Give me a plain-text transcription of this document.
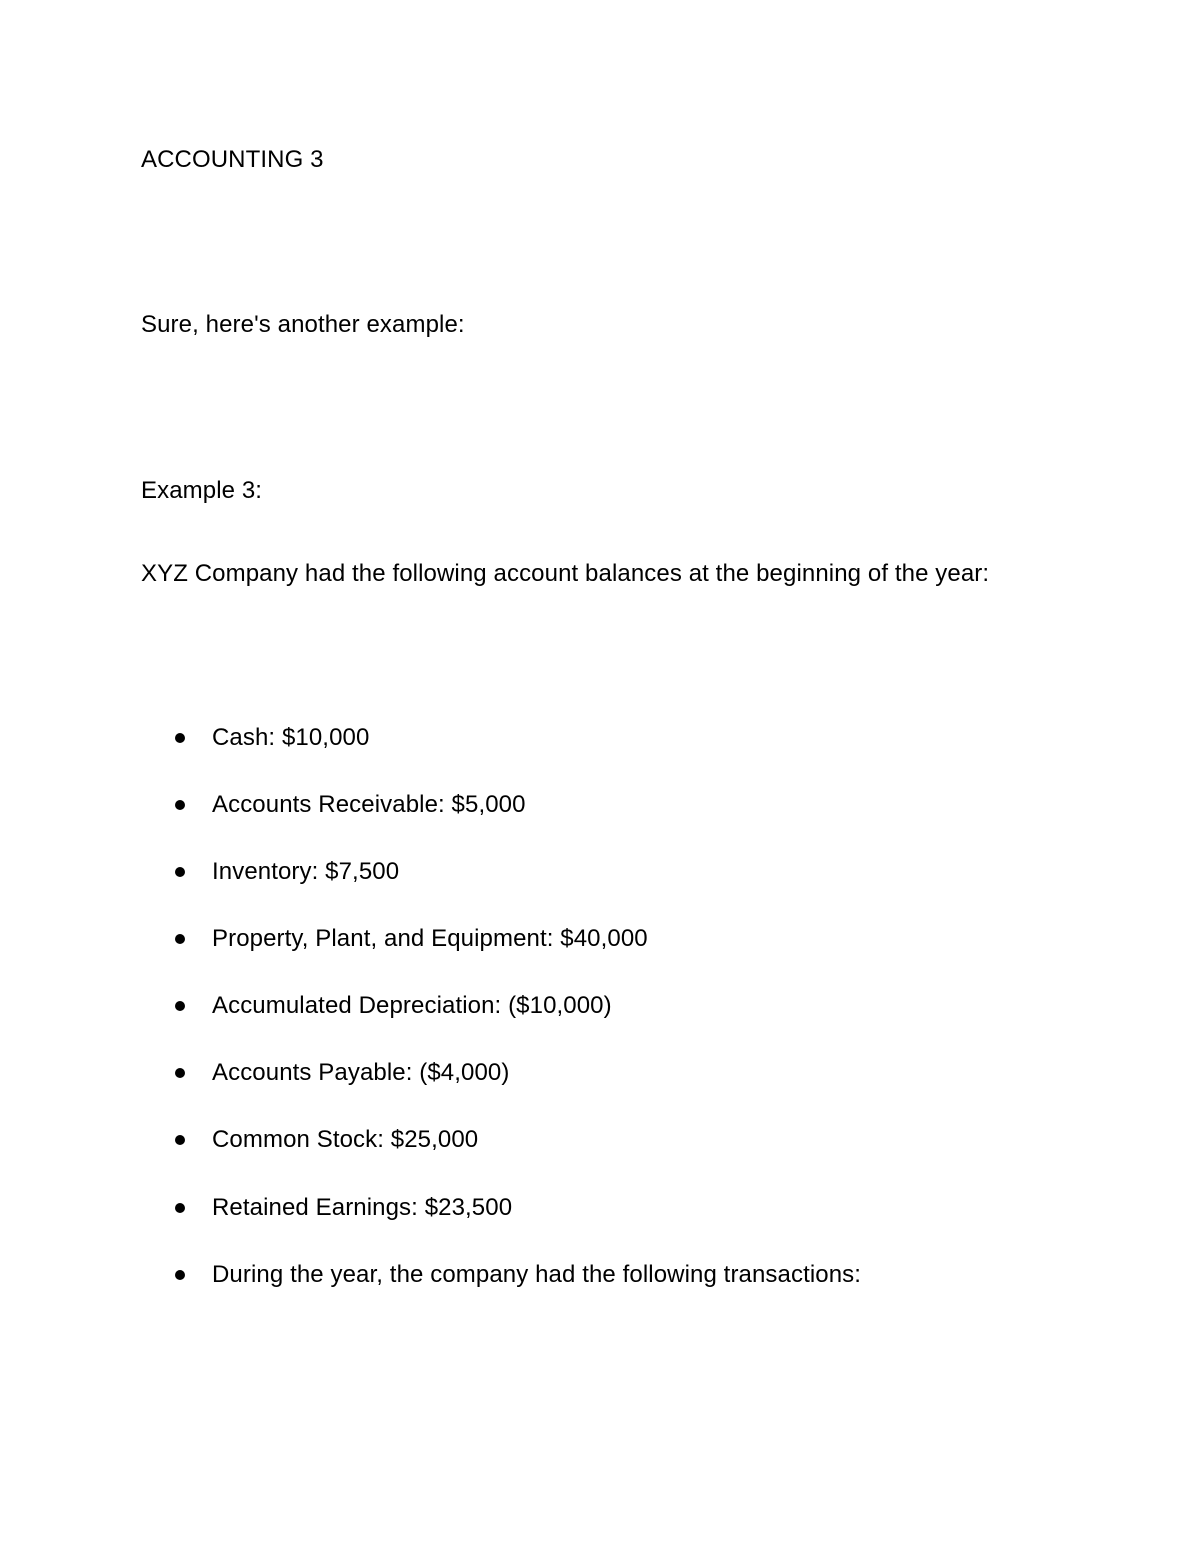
ACCOUNTING 3
Sure, here's another example:
Example 3:
XYZ Company had the following account balances at the beginning of the year:
Cash: $10,000
Accounts Receivable: $5,000
Inventory: $7,500
Property, Plant, and Equipment: $40,000
Accumulated Depreciation: ($10,000)
Accounts Payable: ($4,000)
Common Stock: $25,000
Retained Earnings: $23,500
During the year, the company had the following transactions:
